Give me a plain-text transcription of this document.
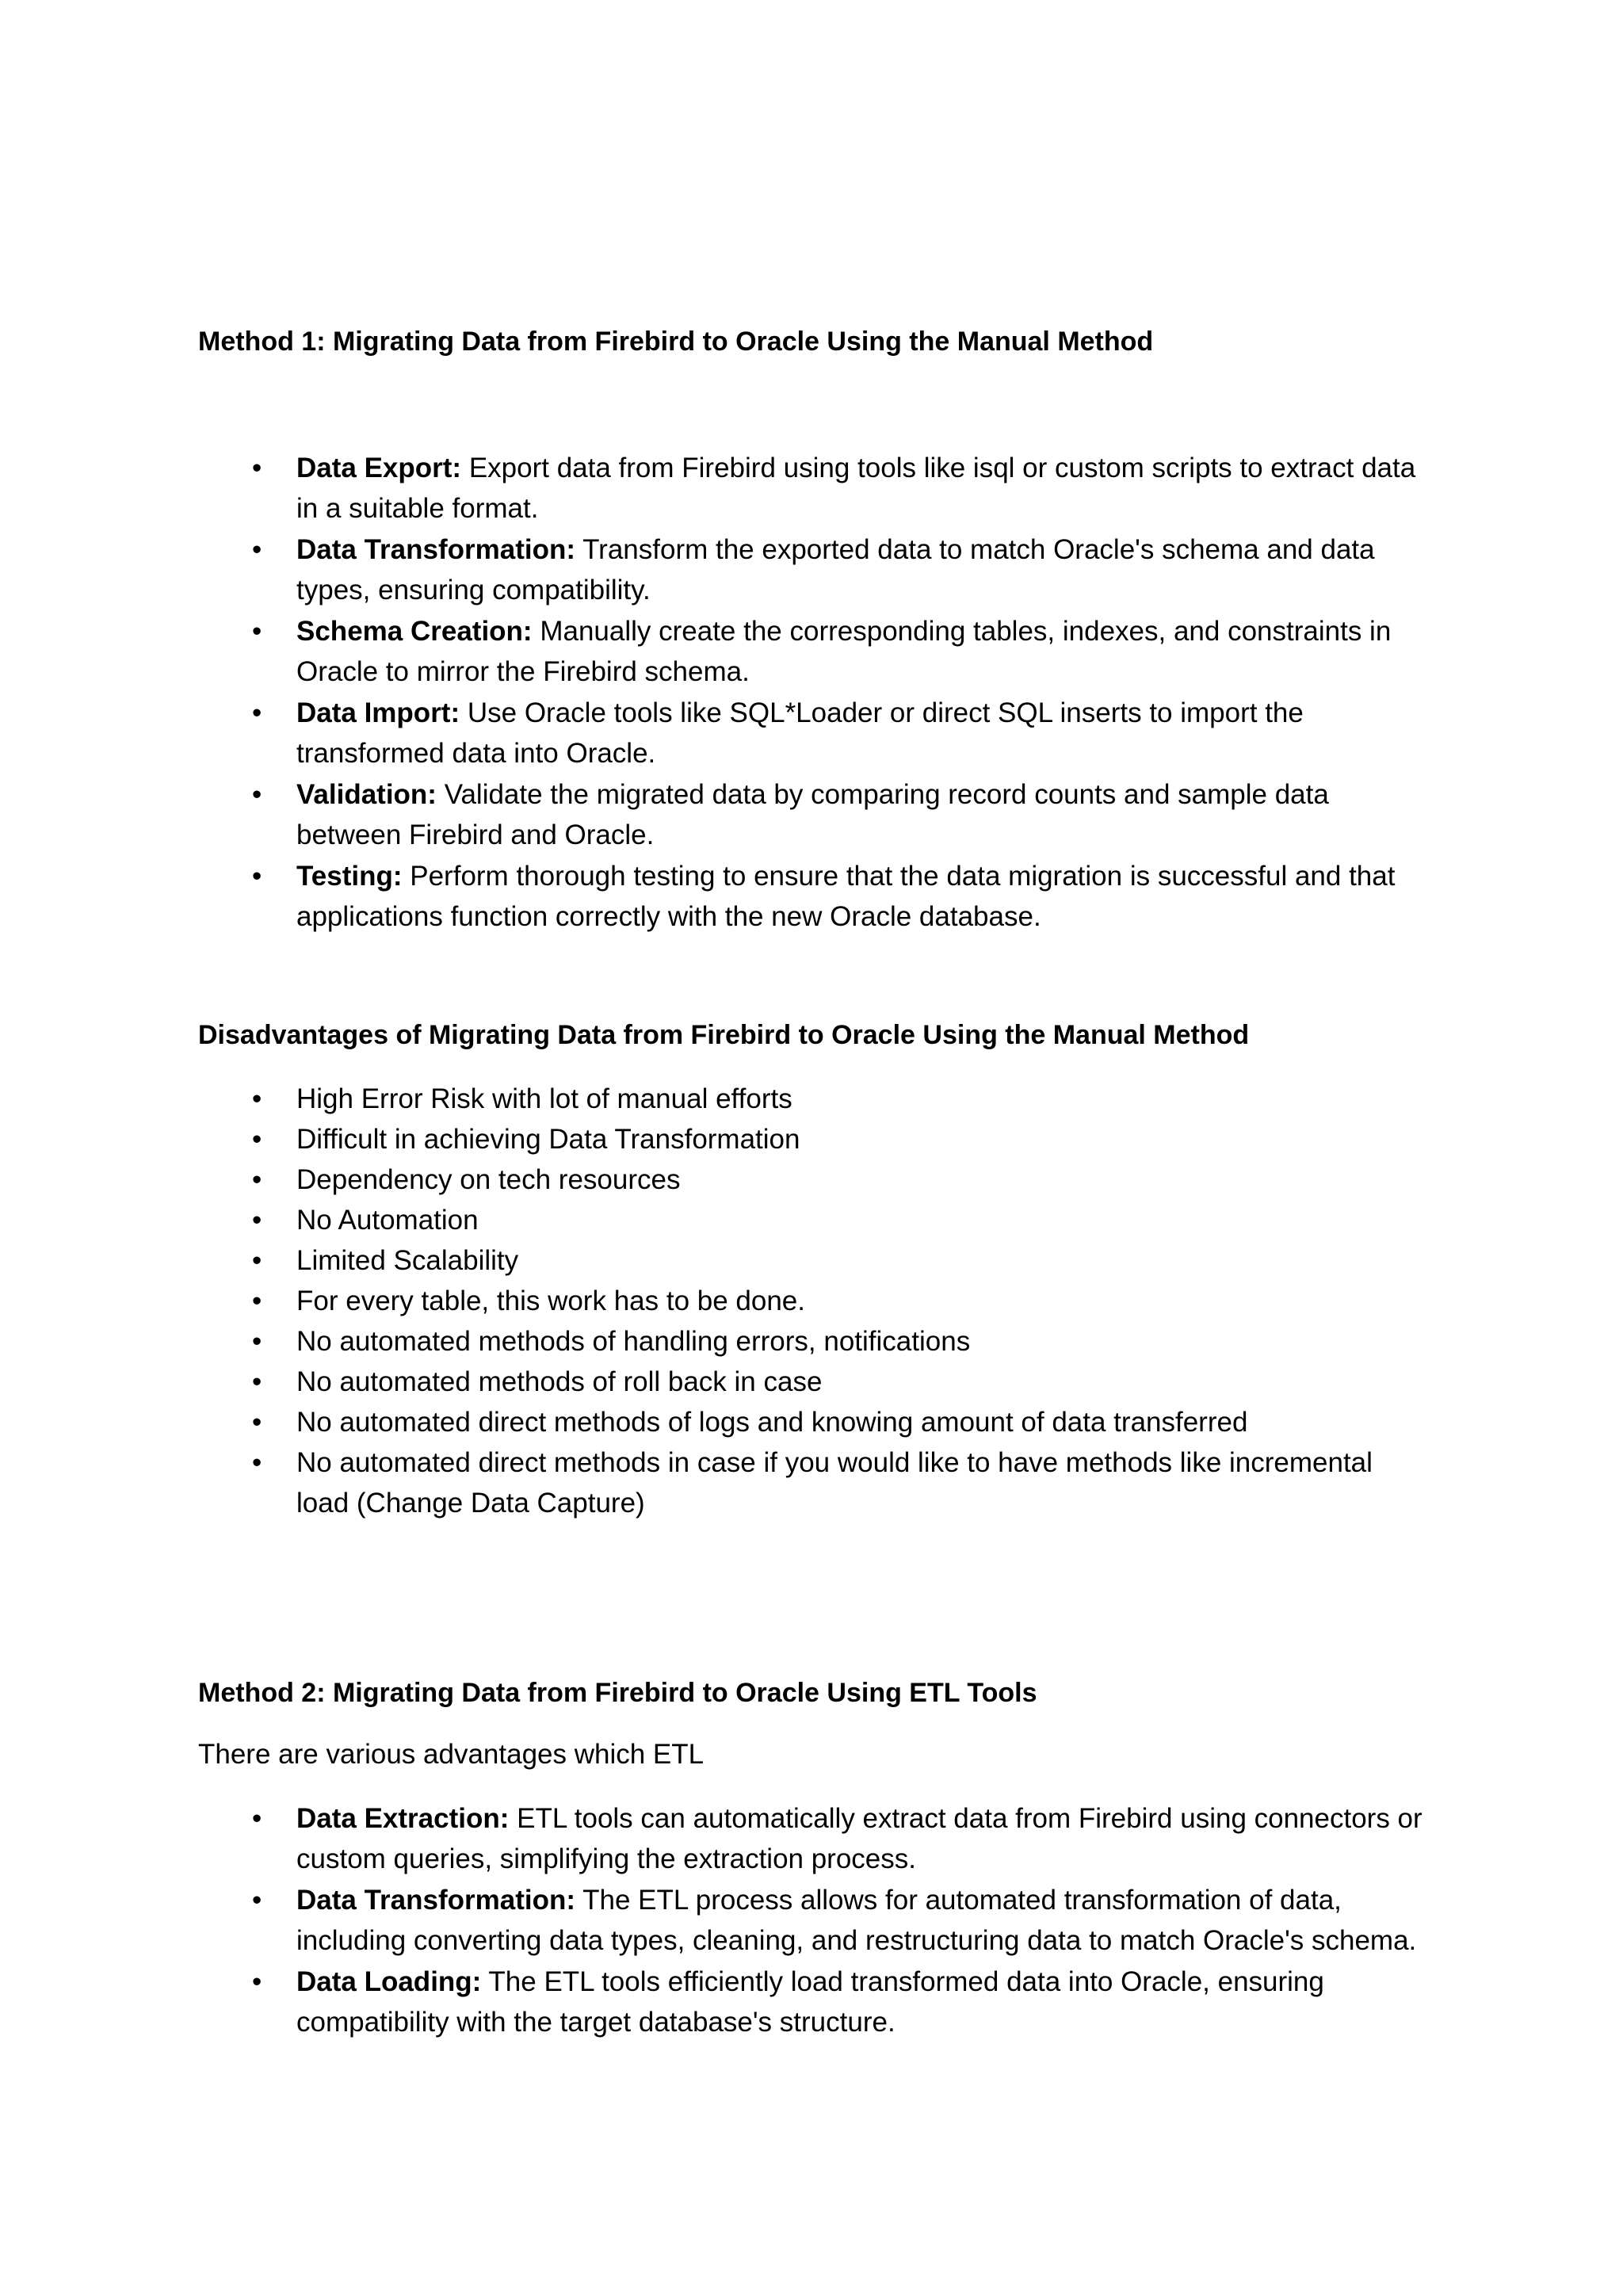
Method 1: Migrating Data from Firebird to Oracle Using the Manual Method
• Data Export: Export data from Firebird using tools like isql or custom scripts to extract data in a suitable format.
• Data Transformation: Transform the exported data to match Oracle's schema and data types, ensuring compatibility.
• Schema Creation: Manually create the corresponding tables, indexes, and constraints in Oracle to mirror the Firebird schema.
• Data Import: Use Oracle tools like SQL*Loader or direct SQL inserts to import the transformed data into Oracle.
• Validation: Validate the migrated data by comparing record counts and sample data between Firebird and Oracle.
• Testing: Perform thorough testing to ensure that the data migration is successful and that applications function correctly with the new Oracle database.
Disadvantages of Migrating Data from Firebird to Oracle Using the Manual Method
• High Error Risk with lot of manual efforts
• Difficult in achieving Data Transformation
• Dependency on tech resources
• No Automation
• Limited Scalability
• For every table, this work has to be done.
• No automated methods of handling errors, notifications
• No automated methods of roll back in case
• No automated direct methods of logs and knowing amount of data transferred
• No automated direct methods in case if you would like to have methods like incremental load (Change Data Capture)
Method 2: Migrating Data from Firebird to Oracle Using ETL Tools

There are various advantages which ETL

• Data Extraction: ETL tools can automatically extract data from Firebird using connectors or custom queries, simplifying the extraction process.
• Data Transformation: The ETL process allows for automated transformation of data, including converting data types, cleaning, and restructuring data to match Oracle's schema.
• Data Loading: The ETL tools efficiently load transformed data into Oracle, ensuring compatibility with the target database's structure.
